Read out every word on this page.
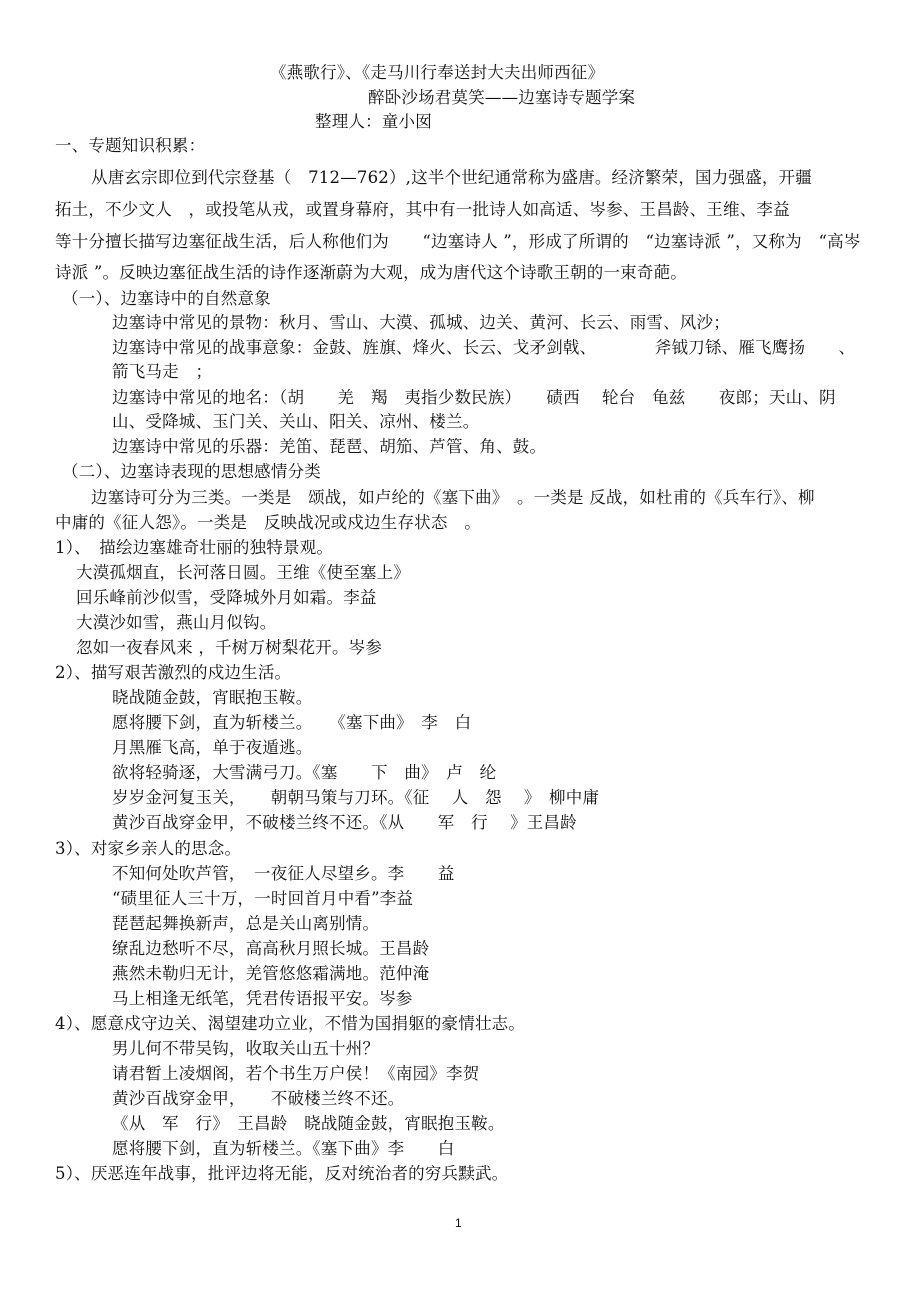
《燕歌行》、《走马川行奉送封大夫出师西征》
醉卧沙场君莫笑——边塞诗专题学案
整理人：童小囡
一、专题知识积累：
从唐玄宗即位到代宗登基（　712—762）,这半个世纪通常称为盛唐。经济繁荣，国力强盛，开疆
拓土，不少文人　，或投笔从戎，或置身幕府，其中有一批诗人如高适、岑参、王昌龄、王维、李益
等十分擅长描写边塞征战生活，后人称他们为　　“边塞诗人 ”，形成了所谓的　“边塞诗派 ”，又称为　“高岑
诗派 ”。反映边塞征战生活的诗作逐渐蔚为大观，成为唐代这个诗歌王朝的一束奇葩。
（一）、边塞诗中的自然意象
边塞诗中常见的景物：秋月、雪山、大漠、孤城、边关、黄河、长云、雨雪、风沙；
边塞诗中常见的战事意象：金鼓、旌旗、烽火、长云、戈矛剑戟、　　　　斧钺刀铩、雁飞鹰扬　　、
箭飞马走　；
边塞诗中常见的地名：（胡　　羌　羯　夷指少数民族）　　碛西　 轮台　龟兹　　夜郎；天山、阴
山、受降城、玉门关、关山、阳关、凉州、楼兰。
边塞诗中常见的乐器：羌笛、琵琶、胡笳、芦管、角、鼓。
（二）、边塞诗表现的思想感情分类
边塞诗可分为三类。一类是　颂战，如卢纶的《塞下曲》　。一类是 反战，如杜甫的《兵车行》、柳
中庸的《征人怨》。一类是　反映战况或戍边生存状态　。
1）、　描绘边塞雄奇壮丽的独特景观。
大漠孤烟直，长河落日圆。王维《使至塞上》
回乐峰前沙似雪，受降城外月如霜。李益
大漠沙如雪，燕山月似钩。
忽如一夜春风来 ，千树万树梨花开。岑参
2）、描写艰苦激烈的戍边生活。
晓战随金鼓，宵眠抱玉鞍。
愿将腰下剑，直为斩楼兰。　　《塞下曲》　李　白
月黑雁飞高，单于夜遁逃。
欲将轻骑逐，大雪满弓刀。《塞　　下　曲》　卢　纶
岁岁金河复玉关，　　朝朝马策与刀环。《征　 人　怨　 》　柳中庸
黄沙百战穿金甲，不破楼兰终不还。《从　　军　行　 》王昌龄
3）、对家乡亲人的思念。
不知何处吹芦管，　一夜征人尽望乡。李　　益
“碛里征人三十万，一时回首月中看”李益
琵琶起舞换新声，总是关山离别情。
缭乱边愁听不尽，高高秋月照长城。王昌龄
燕然未勒归无计，羌管悠悠霜满地。范仲淹
马上相逢无纸笔，凭君传语报平安。岑参
4）、愿意戍守边关、渴望建功立业，不惜为国捐躯的豪情壮志。
男儿何不带吴钩，收取关山五十州？
请君暂上凌烟阁，若个书生万户侯！《南园》李贺
黄沙百战穿金甲，　　不破楼兰终不还。
《从　军　行》　王昌龄　晓战随金鼓，宵眠抱玉鞍。
愿将腰下剑，直为斩楼兰。《塞下曲》李　　白
5）、厌恶连年战事，批评边将无能，反对统治者的穷兵黩武。
1
